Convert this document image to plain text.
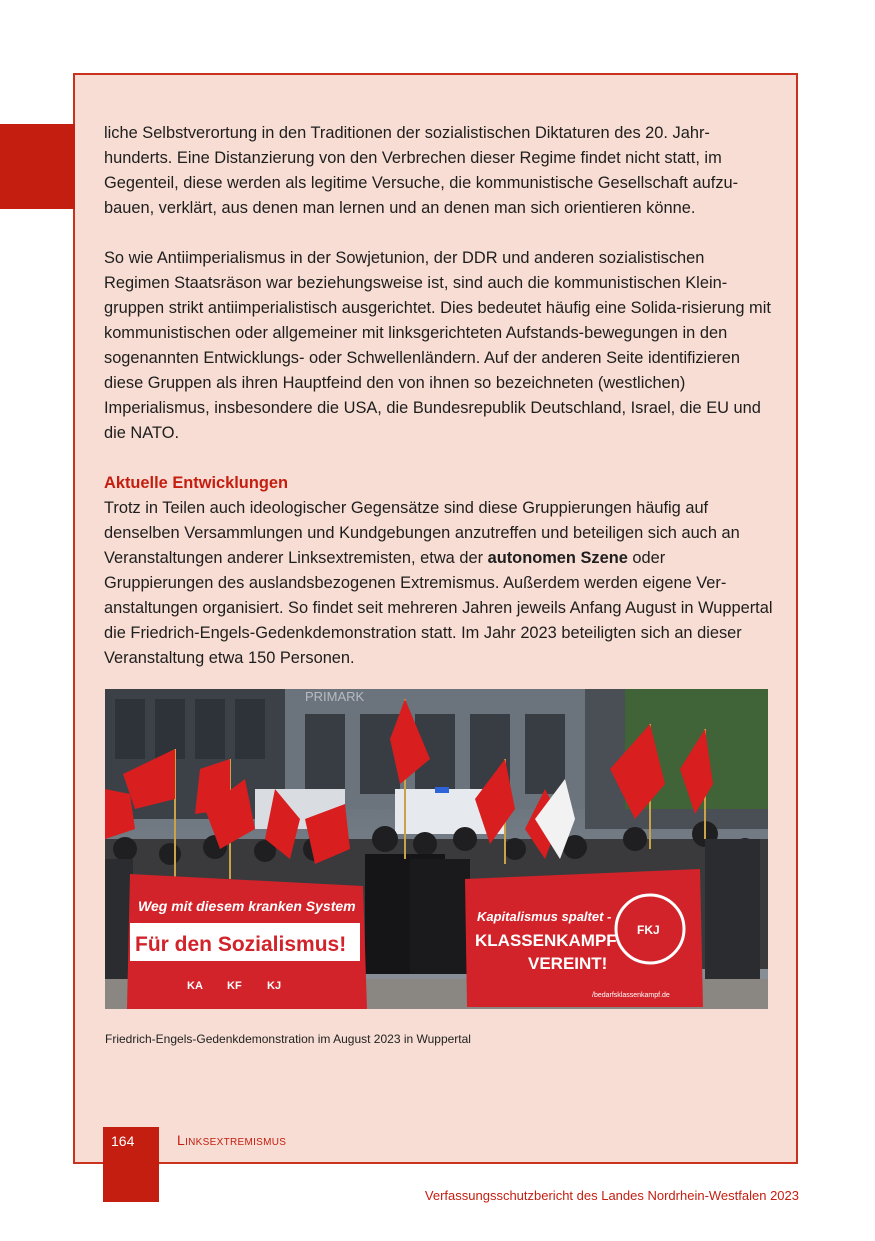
liche Selbstverortung in den Traditionen der sozialistischen Diktaturen des 20. Jahr-hunderts. Eine Distanzierung von den Verbrechen dieser Regime findet nicht statt, im Gegenteil, diese werden als legitime Versuche, die kommunistische Gesellschaft aufzu-bauen, verklärt, aus denen man lernen und an denen man sich orientieren könne.

So wie Antiimperialismus in der Sowjetunion, der DDR und anderen sozialistischen Regimen Staatsräson war beziehungsweise ist, sind auch die kommunistischen Klein-gruppen strikt antiimperialistisch ausgerichtet. Dies bedeutet häufig eine Solida-risierung mit kommunistischen oder allgemeiner mit linksgerichteten Aufstands-bewegungen in den sogenannten Entwicklungs- oder Schwellenländern. Auf der anderen Seite identifizieren diese Gruppen als ihren Hauptfeind den von ihnen so bezeichneten (westlichen) Imperialismus, insbesondere die USA, die Bundesrepublik Deutschland, Israel, die EU und die NATO.

Aktuelle Entwicklungen

Trotz in Teilen auch ideologischer Gegensätze sind diese Gruppierungen häufig auf denselben Versammlungen und Kundgebungen anzutreffen und beteiligen sich auch an Veranstaltungen anderer Linksextremisten, etwa der autonomen Szene oder Gruppierungen des auslandsbezogenen Extremismus. Außerdem werden eigene Ver-anstaltungen organisiert. So findet seit mehreren Jahren jeweils Anfang August in Wuppertal die Friedrich-Engels-Gedenkdemonstration statt. Im Jahr 2023 beteiligten sich an dieser Veranstaltung etwa 150 Personen.

PRIMARK
Weg mit diesem kranken System
Für den Sozialismus!
KA KF KJ
Kapitalismus spaltet -
KLASSENKAMPF
VEREINT!
FKJ
/bedarfsklassenkampf.de
Friedrich-Engels-Gedenkdemonstration im August 2023 in Wuppertal
164	Linksextremismus
Verfassungsschutzbericht des Landes Nordrhein-Westfalen 2023
